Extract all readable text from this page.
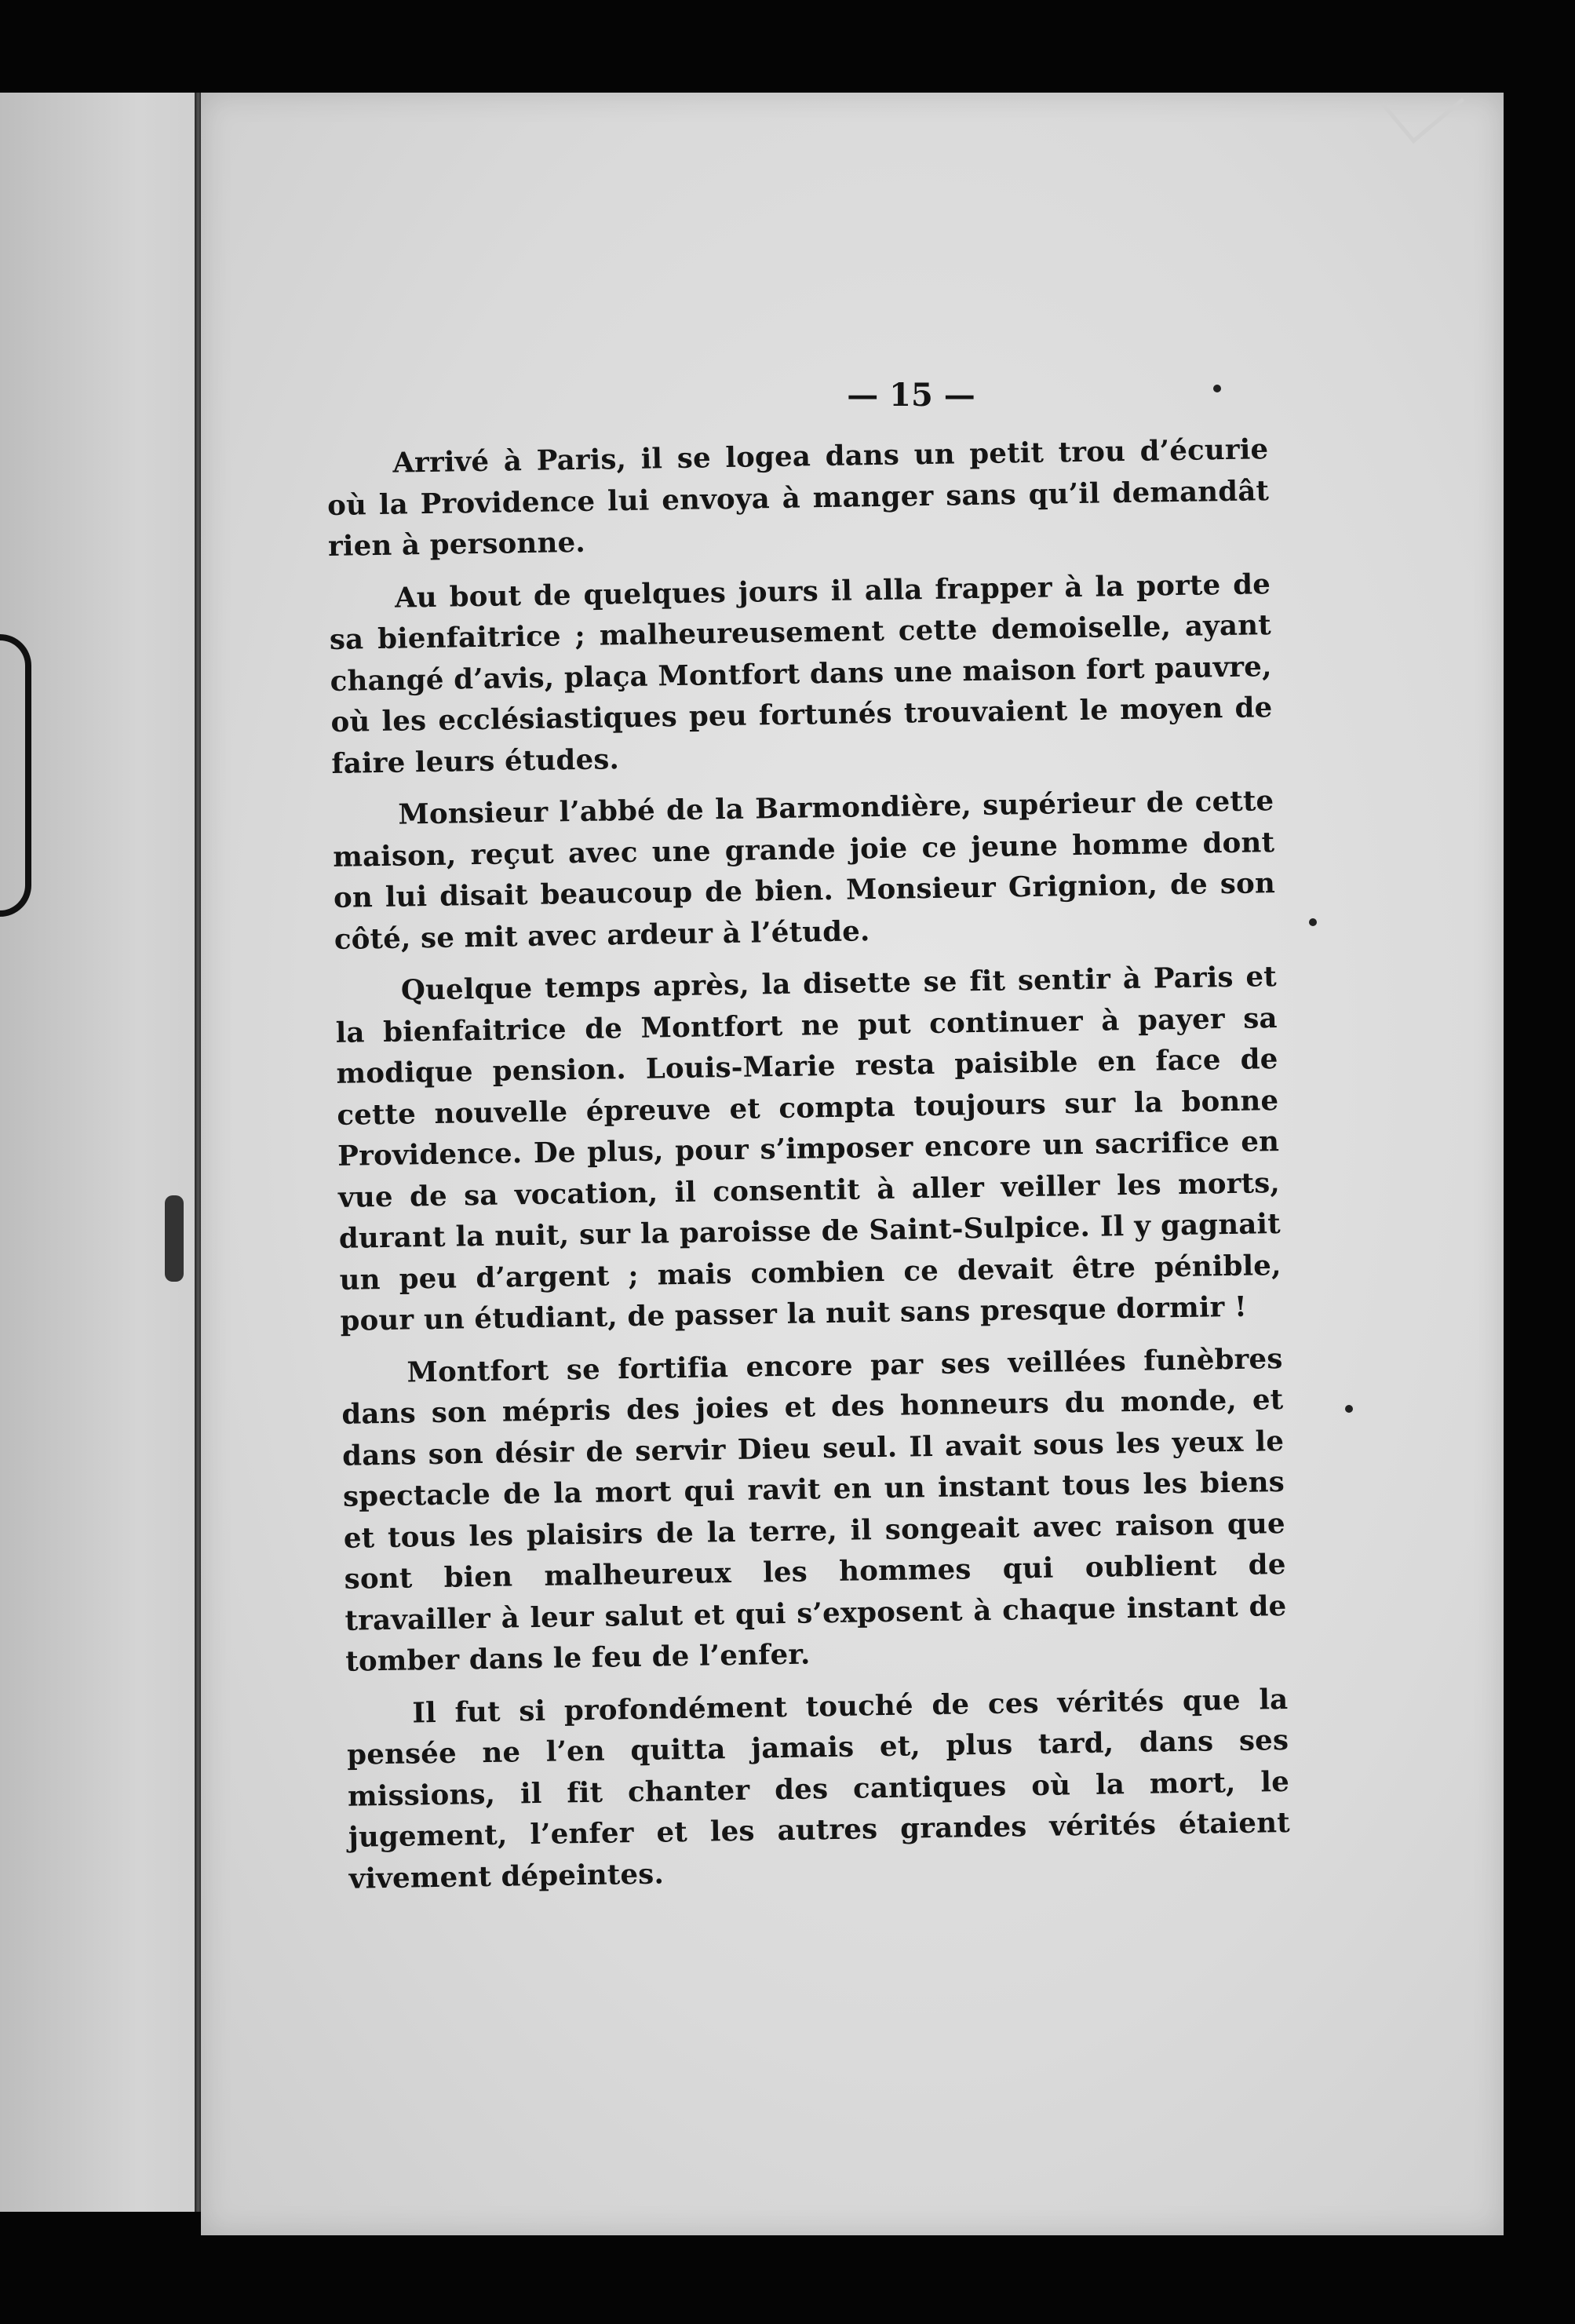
— 15 —

Arrivé à Paris, il se logea dans un petit trou d’écurie où la Providence lui envoya à manger sans qu’il demandât rien à personne.

Au bout de quelques jours il alla frapper à la porte de sa bienfaitrice ; malheureusement cette demoiselle, ayant changé d’avis, plaça Montfort dans une maison fort pauvre, où les ecclésiastiques peu fortunés trouvaient le moyen de faire leurs études.

Monsieur l’abbé de la Barmondière, supérieur de cette maison, reçut avec une grande joie ce jeune homme dont on lui disait beaucoup de bien. Monsieur Grignion, de son côté, se mit avec ardeur à l’étude.

Quelque temps après, la disette se fit sentir à Paris et la bienfaitrice de Montfort ne put continuer à payer sa modique pension. Louis-Marie resta paisible en face de cette nouvelle épreuve et compta toujours sur la bonne Providence. De plus, pour s’imposer encore un sacrifice en vue de sa vocation, il consentit à aller veiller les morts, durant la nuit, sur la paroisse de Saint-Sulpice. Il y gagnait un peu d’argent ; mais combien ce devait être pénible, pour un étudiant, de passer la nuit sans presque dormir !

Montfort se fortifia encore par ses veillées funèbres dans son mépris des joies et des honneurs du monde, et dans son désir de servir Dieu seul. Il avait sous les yeux le spectacle de la mort qui ravit en un instant tous les biens et tous les plaisirs de la terre, il songeait avec raison que sont bien malheureux les hommes qui oublient de travailler à leur salut et qui s’exposent à chaque instant de tomber dans le feu de l’enfer.

Il fut si profondément touché de ces vérités que la pensée ne l’en quitta jamais et, plus tard, dans ses missions, il fit chanter des cantiques où la mort, le jugement, l’enfer et les autres grandes vérités étaient vivement dépeintes.
